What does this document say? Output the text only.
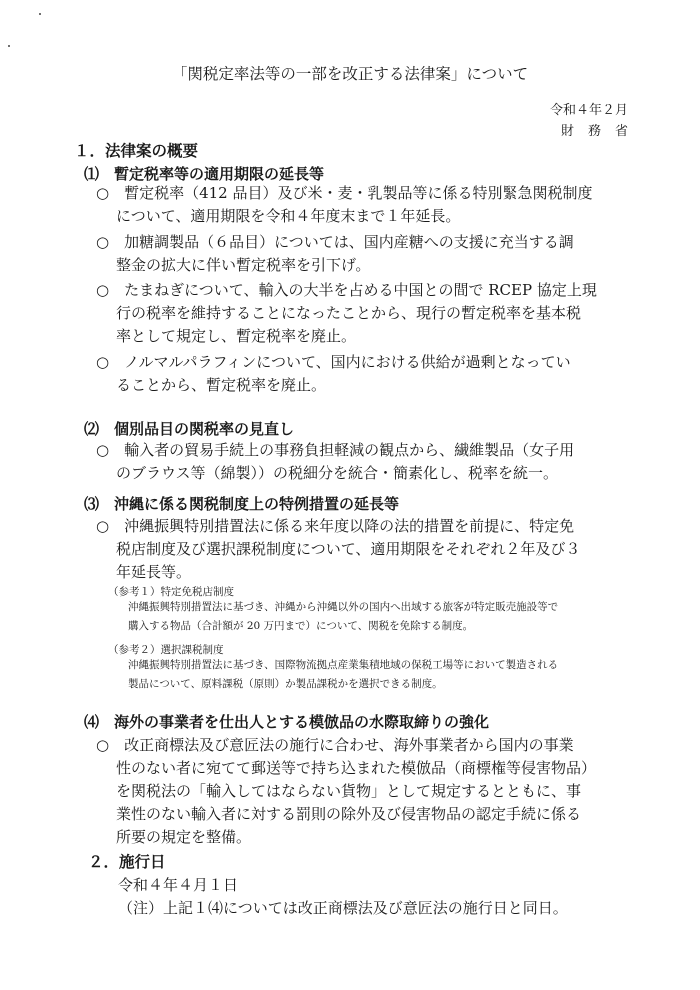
「関税定率法等の一部を改正する法律案」について
令和４年２月
財務省
１．法律案の概要
⑴　暫定税率等の適用期限の延長等
○　暫定税率（412 品目）及び米・麦・乳製品等に係る特別緊急関税制度
について、適用期限を令和４年度末まで１年延長。
○　加糖調製品（６品目）については、国内産糖への支援に充当する調
整金の拡大に伴い暫定税率を引下げ。
○　たまねぎについて、輸入の大半を占める中国との間で RCEP 協定上現
行の税率を維持することになったことから、現行の暫定税率を基本税
率として規定し、暫定税率を廃止。
○　ノルマルパラフィンについて、国内における供給が過剰となってい
ることから、暫定税率を廃止。
⑵　個別品目の関税率の見直し
○　輸入者の貿易手続上の事務負担軽減の観点から、繊維製品（女子用
のブラウス等（綿製））の税細分を統合・簡素化し、税率を統一。
⑶　沖縄に係る関税制度上の特例措置の延長等
○　沖縄振興特別措置法に係る来年度以降の法的措置を前提に、特定免
税店制度及び選択課税制度について、適用期限をそれぞれ２年及び３
年延長等。
（参考１）特定免税店制度
沖縄振興特別措置法に基づき、沖縄から沖縄以外の国内へ出域する旅客が特定販売施設等で
購入する物品（合計額が 20 万円まで）について、関税を免除する制度。
（参考２）選択課税制度
沖縄振興特別措置法に基づき、国際物流拠点産業集積地域の保税工場等において製造される
製品について、原料課税（原則）か製品課税かを選択できる制度。
⑷　海外の事業者を仕出人とする模倣品の水際取締りの強化
○　改正商標法及び意匠法の施行に合わせ、海外事業者から国内の事業
性のない者に宛てて郵送等で持ち込まれた模倣品（商標権等侵害物品）
を関税法の「輸入してはならない貨物」として規定するとともに、事
業性のない輸入者に対する罰則の除外及び侵害物品の認定手続に係る
所要の規定を整備。
２．施行日
令和４年４月１日
（注）上記１⑷については改正商標法及び意匠法の施行日と同日。
